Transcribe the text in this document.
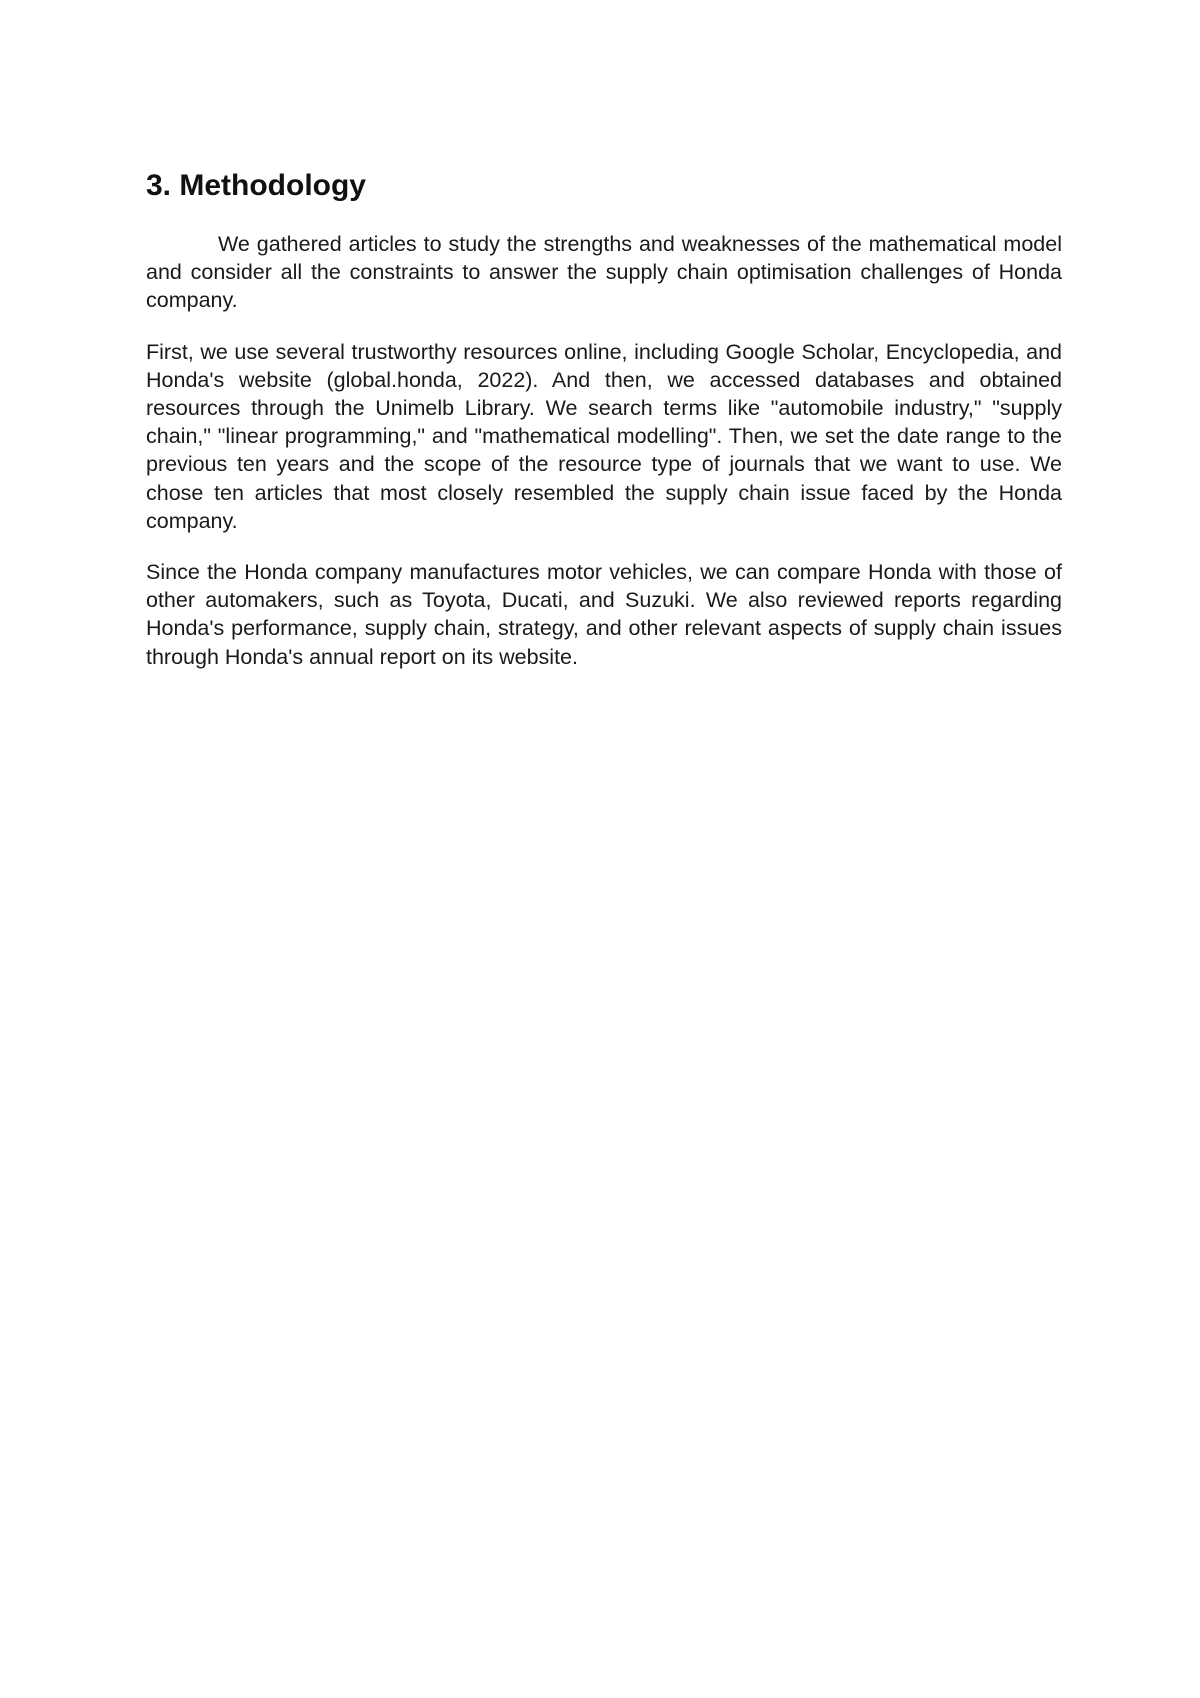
3. Methodology

We gathered articles to study the strengths and weaknesses of the mathematical model and consider all the constraints to answer the supply chain optimisation challenges of Honda company.

First, we use several trustworthy resources online, including Google Scholar, Encyclopedia, and Honda's website (global.honda, 2022). And then, we accessed databases and obtained resources through the Unimelb Library. We search terms like "automobile industry," "supply chain," "linear programming," and "mathematical modelling". Then, we set the date range to the previous ten years and the scope of the resource type of journals that we want to use. We chose ten articles that most closely resembled the supply chain issue faced by the Honda company.

Since the Honda company manufactures motor vehicles, we can compare Honda with those of other automakers, such as Toyota, Ducati, and Suzuki. We also reviewed reports regarding Honda's performance, supply chain, strategy, and other relevant aspects of supply chain issues through Honda's annual report on its website.
